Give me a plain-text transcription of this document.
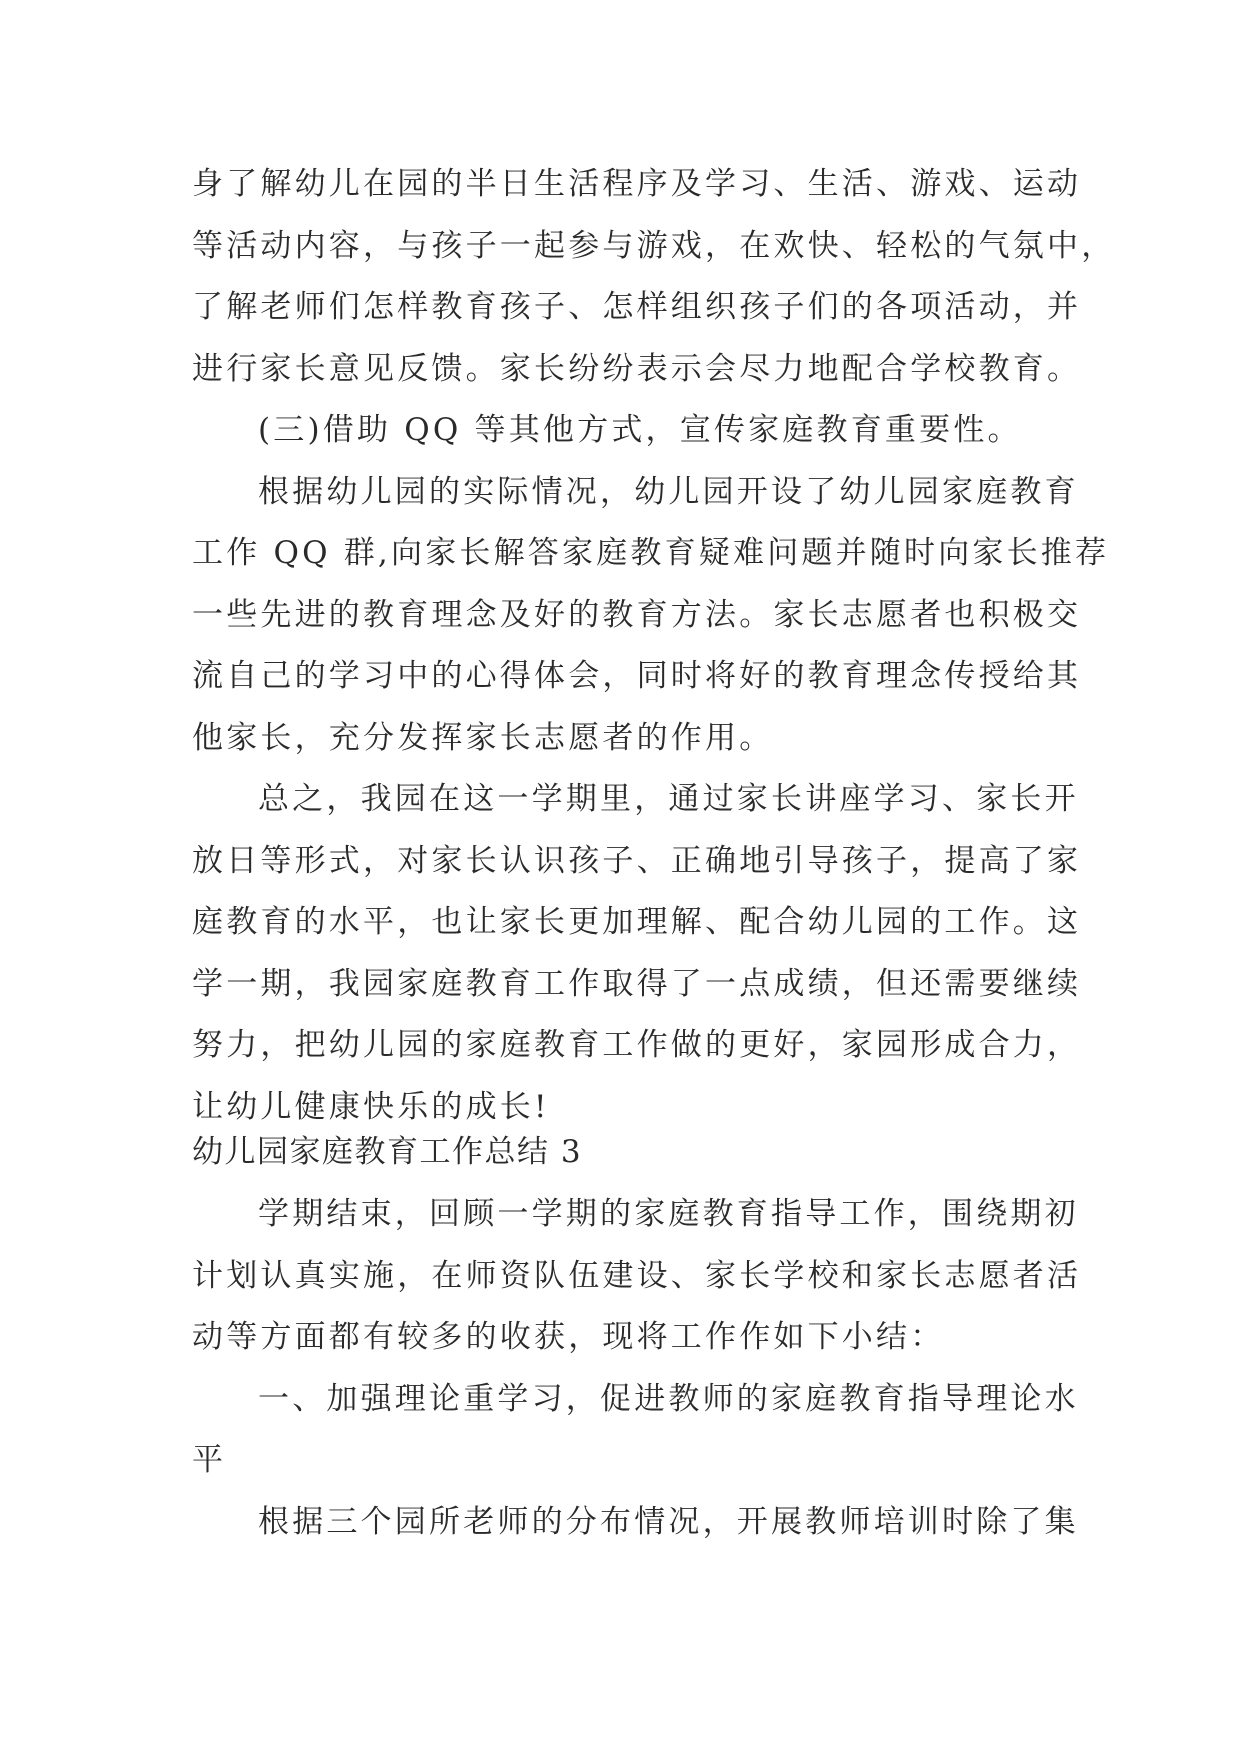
身了解幼儿在园的半日生活程序及学习、生活、游戏、运动
等活动内容，与孩子一起参与游戏，在欢快、轻松的气氛中，
了解老师们怎样教育孩子、怎样组织孩子们的各项活动，并
进行家长意见反馈。家长纷纷表示会尽力地配合学校教育。
(三)借助 QQ 等其他方式，宣传家庭教育重要性。
根据幼儿园的实际情况，幼儿园开设了幼儿园家庭教育
工作 QQ 群,向家长解答家庭教育疑难问题并随时向家长推荐
一些先进的教育理念及好的教育方法。家长志愿者也积极交
流自己的学习中的心得体会，同时将好的教育理念传授给其
他家长，充分发挥家长志愿者的作用。
总之，我园在这一学期里，通过家长讲座学习、家长开
放日等形式，对家长认识孩子、正确地引导孩子，提高了家
庭教育的水平，也让家长更加理解、配合幼儿园的工作。这
学一期，我园家庭教育工作取得了一点成绩，但还需要继续
努力，把幼儿园的家庭教育工作做的更好，家园形成合力，
让幼儿健康快乐的成长!
幼儿园家庭教育工作总结 3
学期结束，回顾一学期的家庭教育指导工作，围绕期初
计划认真实施，在师资队伍建设、家长学校和家长志愿者活
动等方面都有较多的收获，现将工作作如下小结：
一、加强理论重学习，促进教师的家庭教育指导理论水
平
根据三个园所老师的分布情况，开展教师培训时除了集
